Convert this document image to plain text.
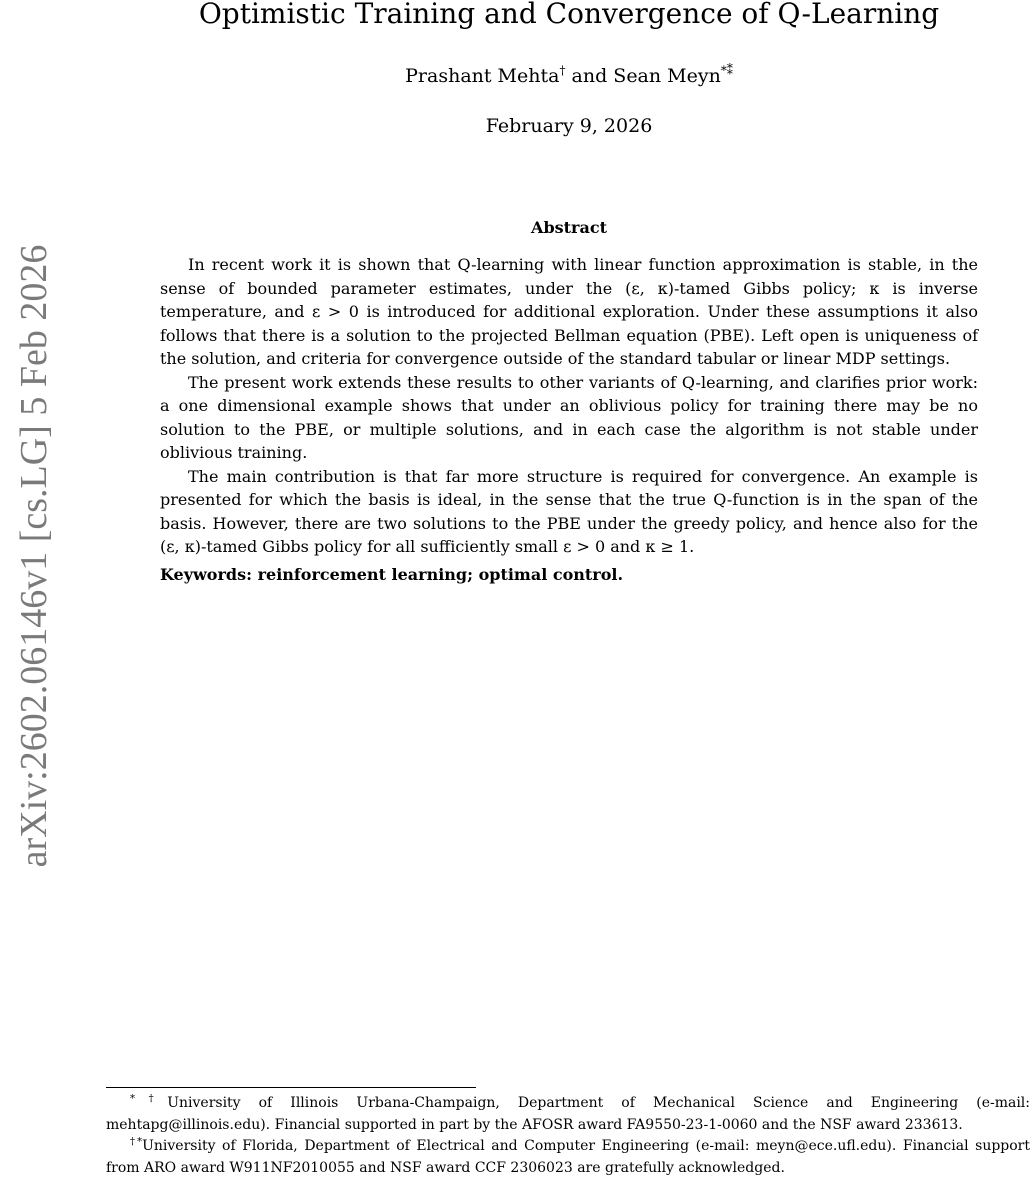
arXiv:2602.06146v1 [cs.LG] 5 Feb 2026
Optimistic Training and Convergence of Q-Learning
Prashant Mehta† and Sean Meyn*⁑
February 9, 2026
Abstract

In recent work it is shown that Q-learning with linear function approximation is stable, in the sense of bounded parameter estimates, under the (ε, κ)-tamed Gibbs policy; κ is inverse temperature, and ε > 0 is introduced for additional exploration. Under these assumptions it also follows that there is a solution to the projected Bellman equation (PBE). Left open is uniqueness of the solution, and criteria for convergence outside of the standard tabular or linear MDP settings.

The present work extends these results to other variants of Q-learning, and clarifies prior work: a one dimensional example shows that under an oblivious policy for training there may be no solution to the PBE, or multiple solutions, and in each case the algorithm is not stable under oblivious training.

The main contribution is that far more structure is required for convergence. An example is presented for which the basis is ideal, in the sense that the true Q-function is in the span of the basis. However, there are two solutions to the PBE under the greedy policy, and hence also for the (ε, κ)-tamed Gibbs policy for all sufficiently small ε > 0 and κ ≥ 1.

Keywords: reinforcement learning; optimal control.

*†University of Illinois Urbana-Champaign, Department of Mechanical Science and Engineering (e-mail: mehtapg@illinois.edu). Financial supported in part by the AFOSR award FA9550-23-1-0060 and the NSF award 233613.

†*University of Florida, Department of Electrical and Computer Engineering (e-mail: meyn@ece.ufl.edu). Financial support from ARO award W911NF2010055 and NSF award CCF 2306023 are gratefully acknowledged.
